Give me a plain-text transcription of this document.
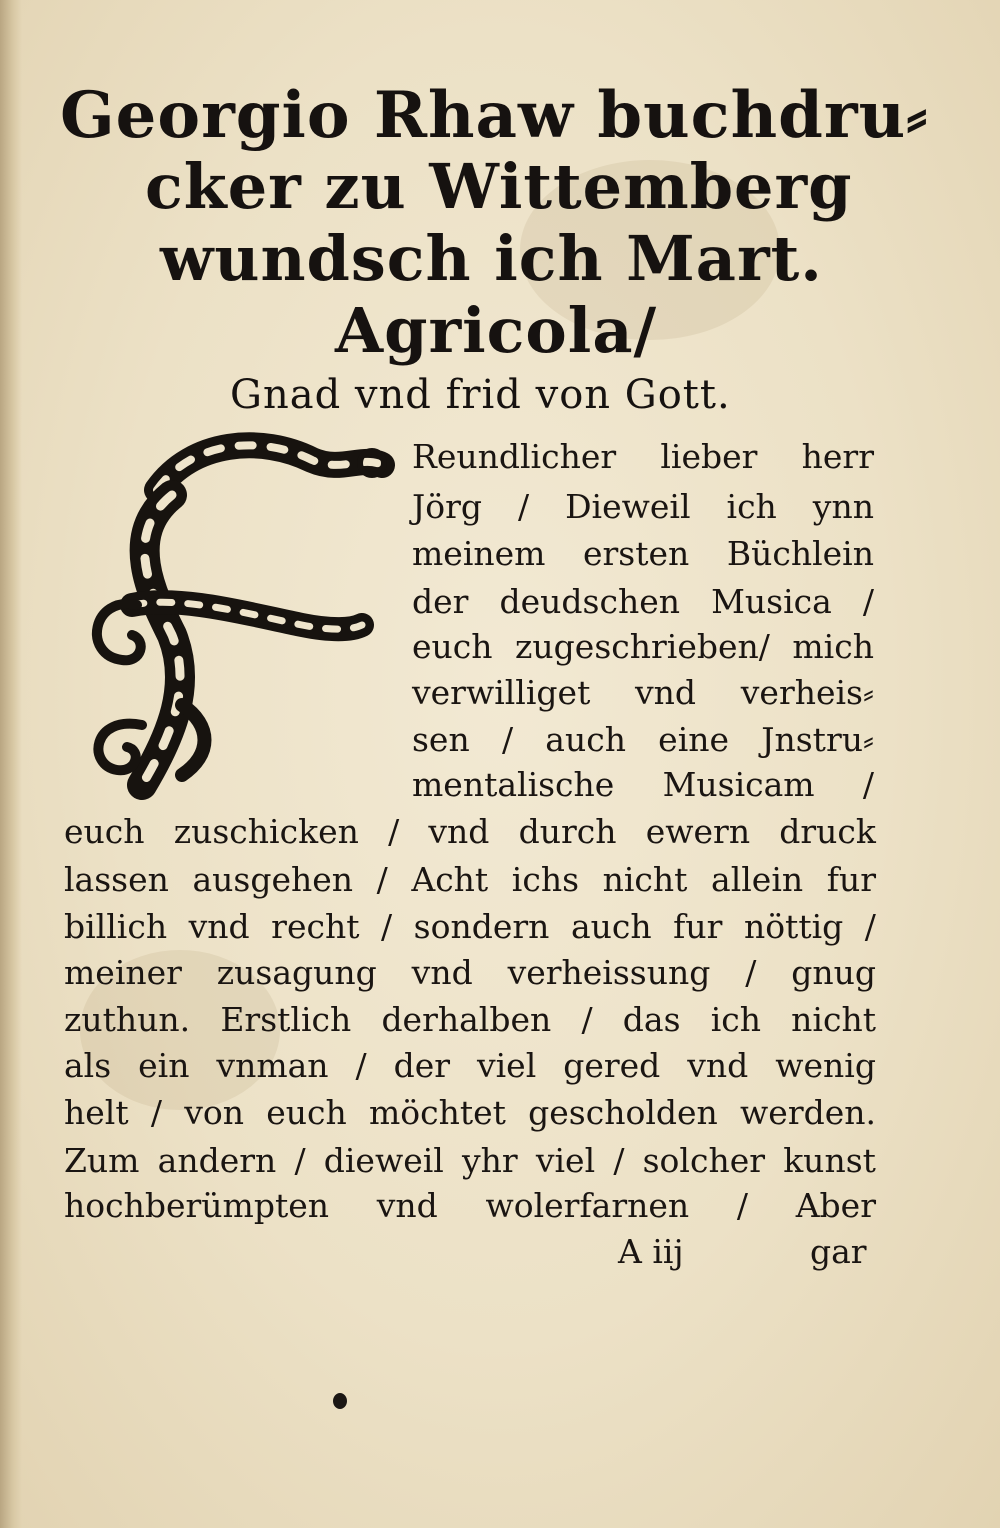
Georgio Rhaw buchdru⸗
cker zu Wittemberg
wundsch ich Mart.
Agricola/
Gnad vnd frid von Gott.
Reundlicher lieber herr
Jörg / Dieweil ich ynn
meinem ersten Büchlein
der deudschen Musica /
euch zugeschrieben/ mich
verwilliget vnd verheis⸗
sen / auch eine Jnstru⸗
mentalische Musicam /
euch zuschicken / vnd durch ewern druck
lassen ausgehen / Acht ichs nicht allein fur
billich vnd recht / sondern auch fur nöttig /
meiner zusagung vnd verheissung / gnug
zuthun. Erstlich derhalben / das ich nicht
als ein vnman / der viel gered vnd wenig
helt / von euch möchtet gescholden werden.
Zum andern / dieweil yhr viel / solcher kunst
hochberümpten vnd wolerfarnen / Aber
A iij	gar
